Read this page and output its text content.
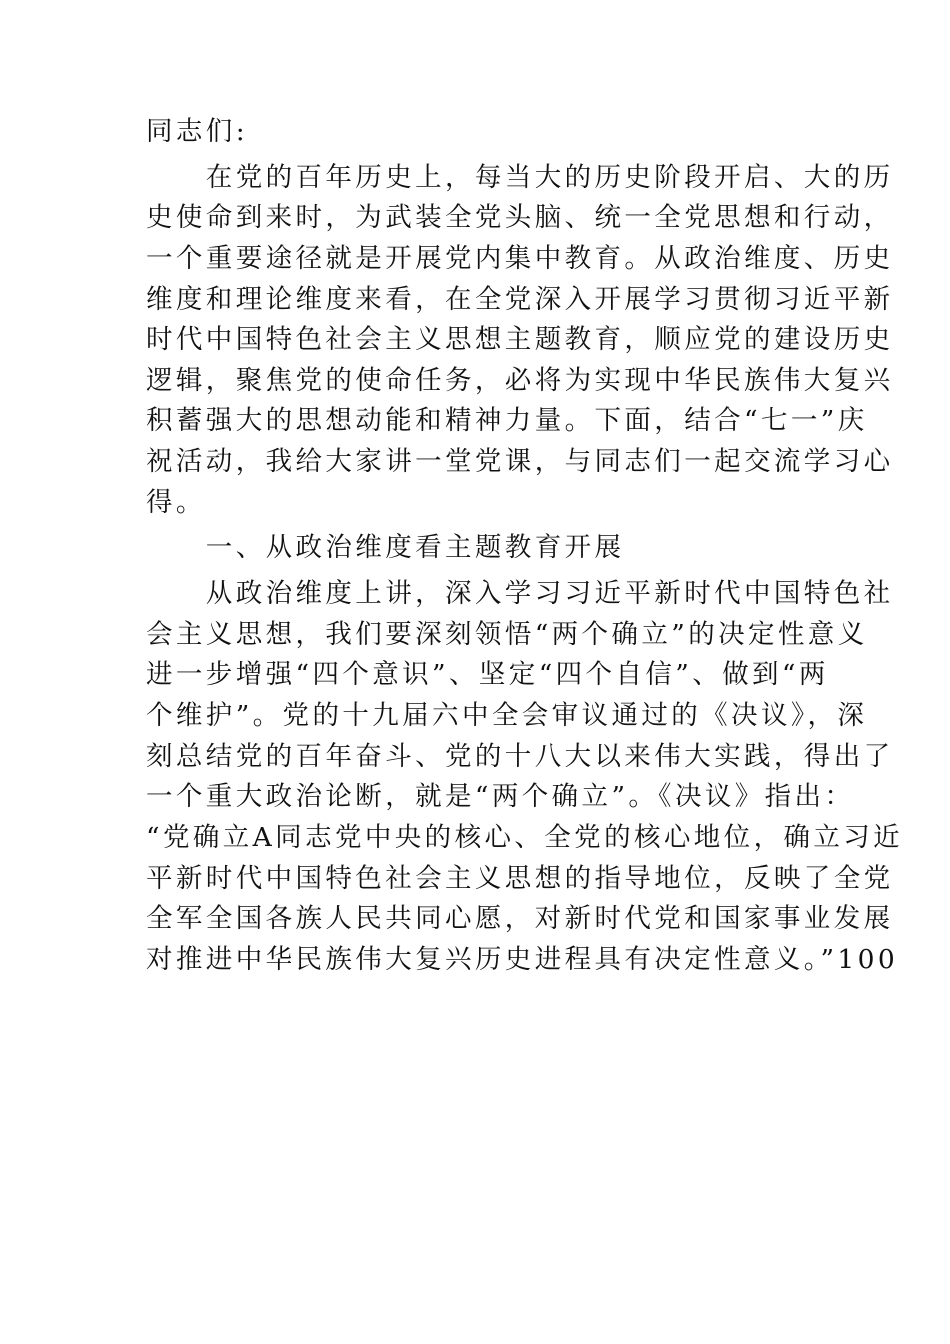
同志们:
　　在党的百年历史上，每当大的历史阶段开启、大的历
史使命到来时，为武装全党头脑、统一全党思想和行动，
一个重要途径就是开展党内集中教育。从政治维度、历史
维度和理论维度来看，在全党深入开展学习贯彻习近平新
时代中国特色社会主义思想主题教育，顺应党的建设历史
逻辑，聚焦党的使命任务，必将为实现中华民族伟大复兴
积蓄强大的思想动能和精神力量。下面，结合“七一”庆
祝活动，我给大家讲一堂党课，与同志们一起交流学习心
得。
　　一、从政治维度看主题教育开展
　　从政治维度上讲，深入学习习近平新时代中国特色社
会主义思想，我们要深刻领悟“两个确立”的决定性意义
进一步增强“四个意识”、坚定“四个自信”、做到“两
个维护”。党的十九届六中全会审议通过的《决议》，深
刻总结党的百年奋斗、党的十八大以来伟大实践，得出了
一个重大政治论断，就是“两个确立”。《决议》指出：
“党确立A同志党中央的核心、全党的核心地位，确立习近
平新时代中国特色社会主义思想的指导地位，反映了全党
全军全国各族人民共同心愿，对新时代党和国家事业发展
对推进中华民族伟大复兴历史进程具有决定性意义。”100
